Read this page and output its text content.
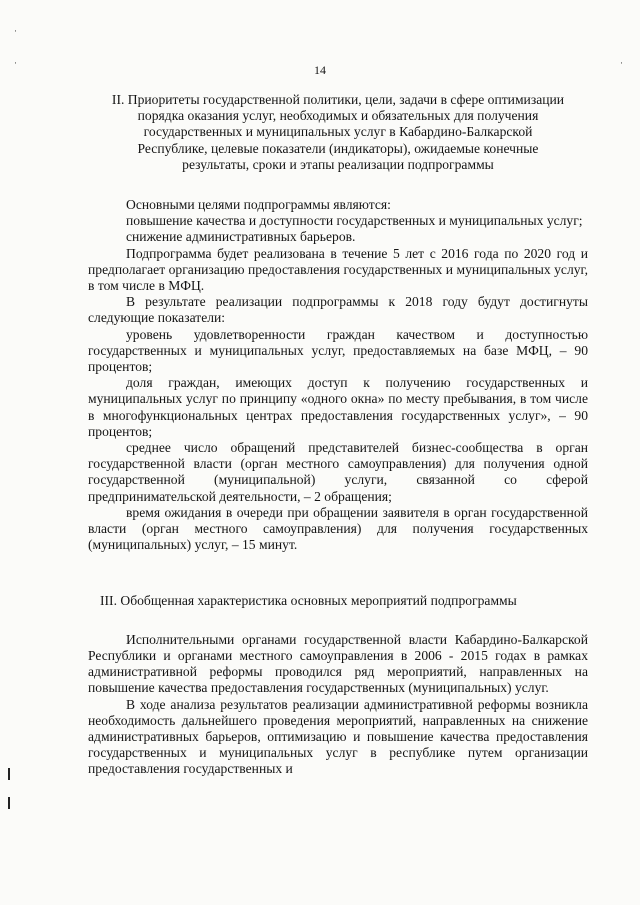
·
·	·
14
II. Приоритеты государственной политики, цели, задачи в сфере оптимизации
порядка оказания услуг, необходимых и обязательных для получения
государственных и муниципальных услуг в Кабардино-Балкарской
Республике, целевые показатели (индикаторы), ожидаемые конечные
результаты, сроки и этапы реализации подпрограммы

Основными целями подпрограммы являются:

повышение качества и доступности государственных и муниципальных услуг;

снижение административных барьеров.

Подпрограмма будет реализована в течение 5 лет с 2016 года по 2020 год и предполагает организацию предоставления государственных и муниципальных услуг, в том числе в МФЦ.

В результате реализации подпрограммы к 2018 году будут достигнуты следующие показатели:

уровень удовлетворенности граждан качеством и доступностью государственных и муниципальных услуг, предоставляемых на базе МФЦ, – 90 процентов;

доля граждан, имеющих доступ к получению государственных и муниципальных услуг по принципу «одного окна» по месту пребывания, в том числе в многофункциональных центрах предоставления государственных услуг», – 90 процентов;

среднее число обращений представителей бизнес-сообщества в орган государственной власти (орган местного самоуправления) для получения одной государственной (муниципальной) услуги, связанной со сферой предпринимательской деятельности, – 2 обращения;

время ожидания в очереди при обращении заявителя в орган государственной власти (орган местного самоуправления) для получения государственных (муниципальных) услуг, – 15 минут.

III. Обобщенная характеристика основных мероприятий подпрограммы

Исполнительными органами государственной власти Кабардино-Балкарской Республики и органами местного самоуправления в 2006 - 2015 годах в рамках административной реформы проводился ряд мероприятий, направленных на повышение качества предоставления государственных (муниципальных) услуг.

В ходе анализа результатов реализации административной реформы возникла необходимость дальнейшего проведения мероприятий, направленных на снижение административных барьеров, оптимизацию и повышение качества предоставления государственных и муниципальных услуг в республике путем организации предоставления государственных и
